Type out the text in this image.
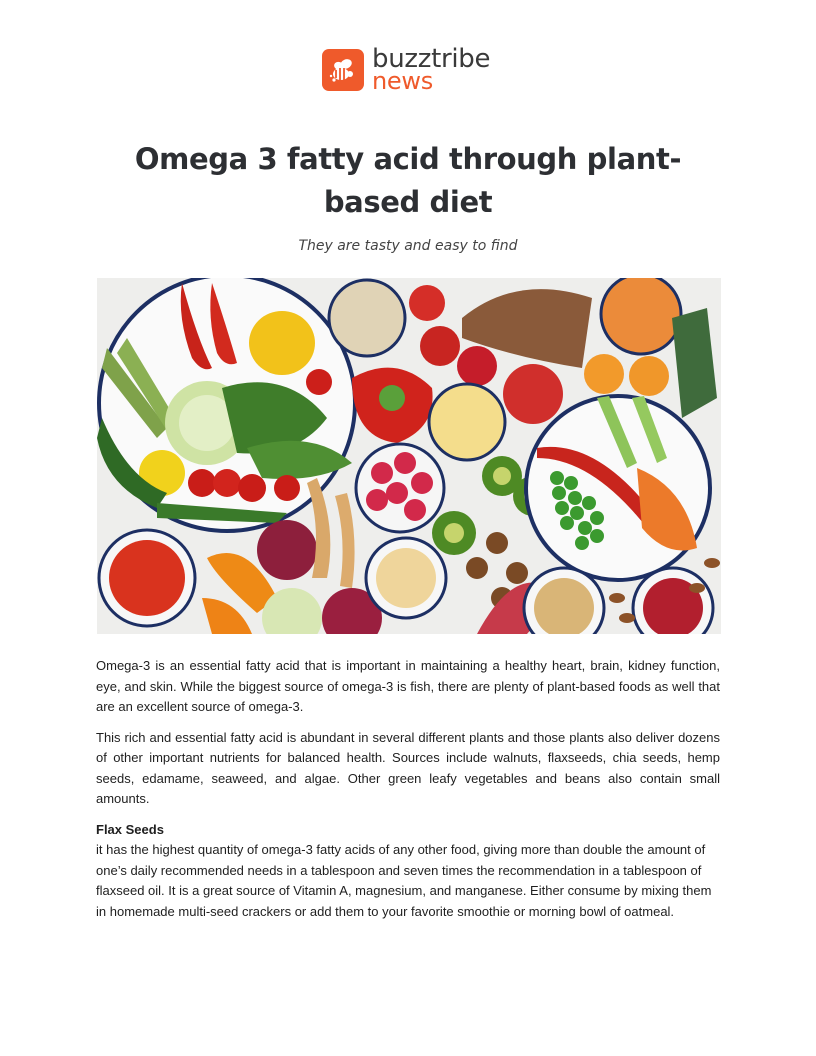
buzztribe
news
Omega 3 fatty acid through plant-based diet

They are tasty and easy to find

Omega-3 is an essential fatty acid that is important in maintaining a healthy heart, brain, kidney function, eye, and skin. While the biggest source of omega-3 is fish, there are plenty of plant-based foods as well that are an excellent source of omega-3.

This rich and essential fatty acid is abundant in several different plants and those plants also deliver dozens of other important nutrients for balanced health. Sources include walnuts, flaxseeds, chia seeds, hemp seeds, edamame, seaweed, and algae. Other green leafy vegetables and beans also contain small amounts.

Flax Seeds
it has the highest quantity of omega-3 fatty acids of any other food, giving more than double the amount of one’s daily recommended needs in a tablespoon and seven times the recommendation in a tablespoon of flaxseed oil. It is a great source of Vitamin A, magnesium, and manganese. Either consume by mixing them in homemade multi-seed crackers or add them to your favorite smoothie or morning bowl of oatmeal.
